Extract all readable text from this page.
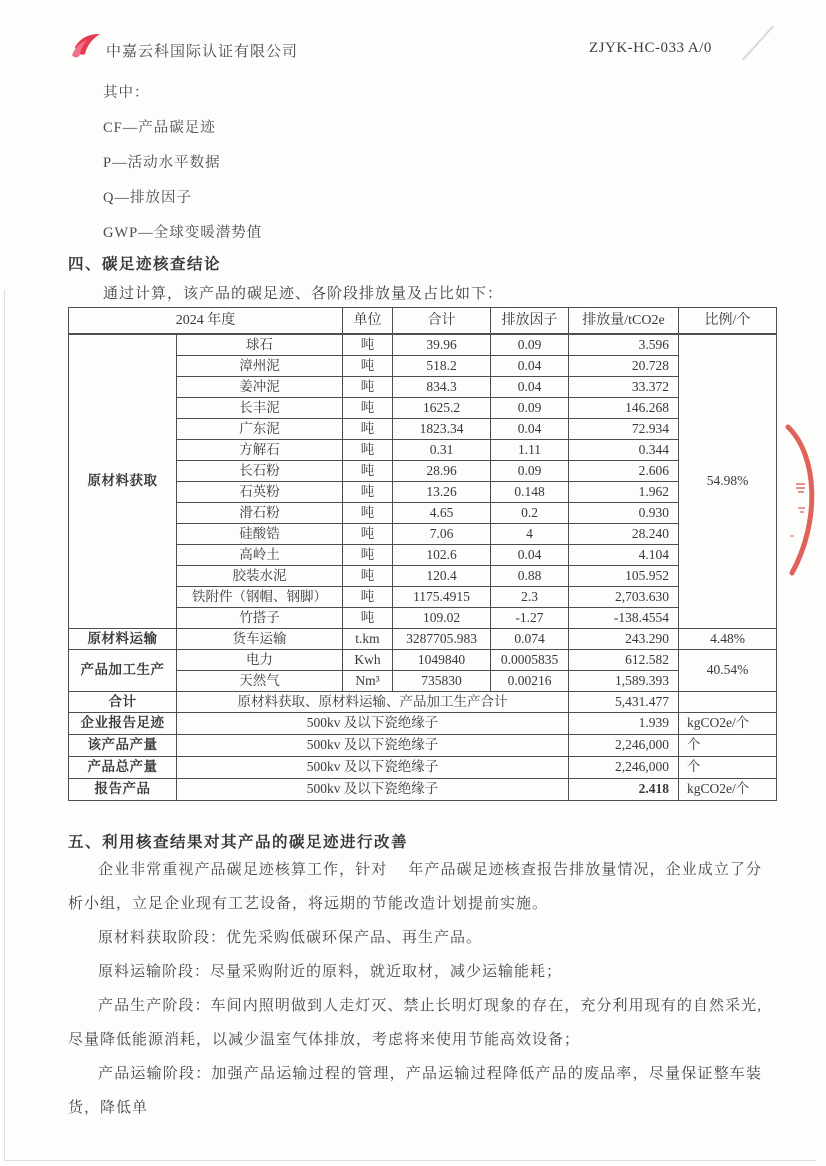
中嘉云科国际认证有限公司	ZJYK-HC-033 A/0
其中：
CF—产品碳足迹
P—活动水平数据
Q—排放因子
GWP—全球变暖潜势值
四、碳足迹核查结论
通过计算，该产品的碳足迹、各阶段排放量及占比如下：
2024 年度		单位	合计	排放因子	排放量/tCO2e	比例/个
原材料获取	球石	吨	39.96	0.09	3.596	54.98%
	漳州泥	吨	518.2	0.04	20.728	
	姜冲泥	吨	834.3	0.04	33.372	
	长丰泥	吨	1625.2	0.09	146.268	
	广东泥	吨	1823.34	0.04	72.934	
	方解石	吨	0.31	1.11	0.344	
	长石粉	吨	28.96	0.09	2.606	
	石英粉	吨	13.26	0.148	1.962	
	滑石粉	吨	4.65	0.2	0.930	
	硅酸锆	吨	7.06	4	28.240	
	高岭土	吨	102.6	0.04	4.104	
	胶装水泥	吨	120.4	0.88	105.952	
	铁附件（钢帽、钢脚）	吨	1175.4915	2.3	2,703.630	
	竹搭子	吨	109.02	-1.27	-138.4554	
原材料运输	货车运输	t.km	3287705.983	0.074	243.290	4.48%
产品加工生产	电力	Kwh	1049840	0.0005835	612.582	40.54%
	天然气	Nm³	735830	0.00216	1,589.393	
合计	原材料获取、原材料运输、产品加工生产合计				5,431.477	
企业报告足迹	500kv 及以下瓷绝缘子				1.939	kgCO2e/个
该产品产量	500kv 及以下瓷绝缘子				2,246,000	个
产品总产量	500kv 及以下瓷绝缘子				2,246,000	个
报告产品	500kv 及以下瓷绝缘子				2.418	kgCO2e/个
五、利用核查结果对其产品的碳足迹进行改善

企业非常重视产品碳足迹核算工作，针对　 年产品碳足迹核查报告排放量情况，企业成立了分析小组，立足企业现有工艺设备，将远期的节能改造计划提前实施。

原材料获取阶段：优先采购低碳环保产品、再生产品。

原料运输阶段：尽量采购附近的原料，就近取材，减少运输能耗；

产品生产阶段：车间内照明做到人走灯灭、禁止长明灯现象的存在，充分利用现有的自然采光,尽量降低能源消耗，以减少温室气体排放，考虑将来使用节能高效设备；

产品运输阶段：加强产品运输过程的管理，产品运输过程降低产品的废品率，尽量保证整车装货，降低单
